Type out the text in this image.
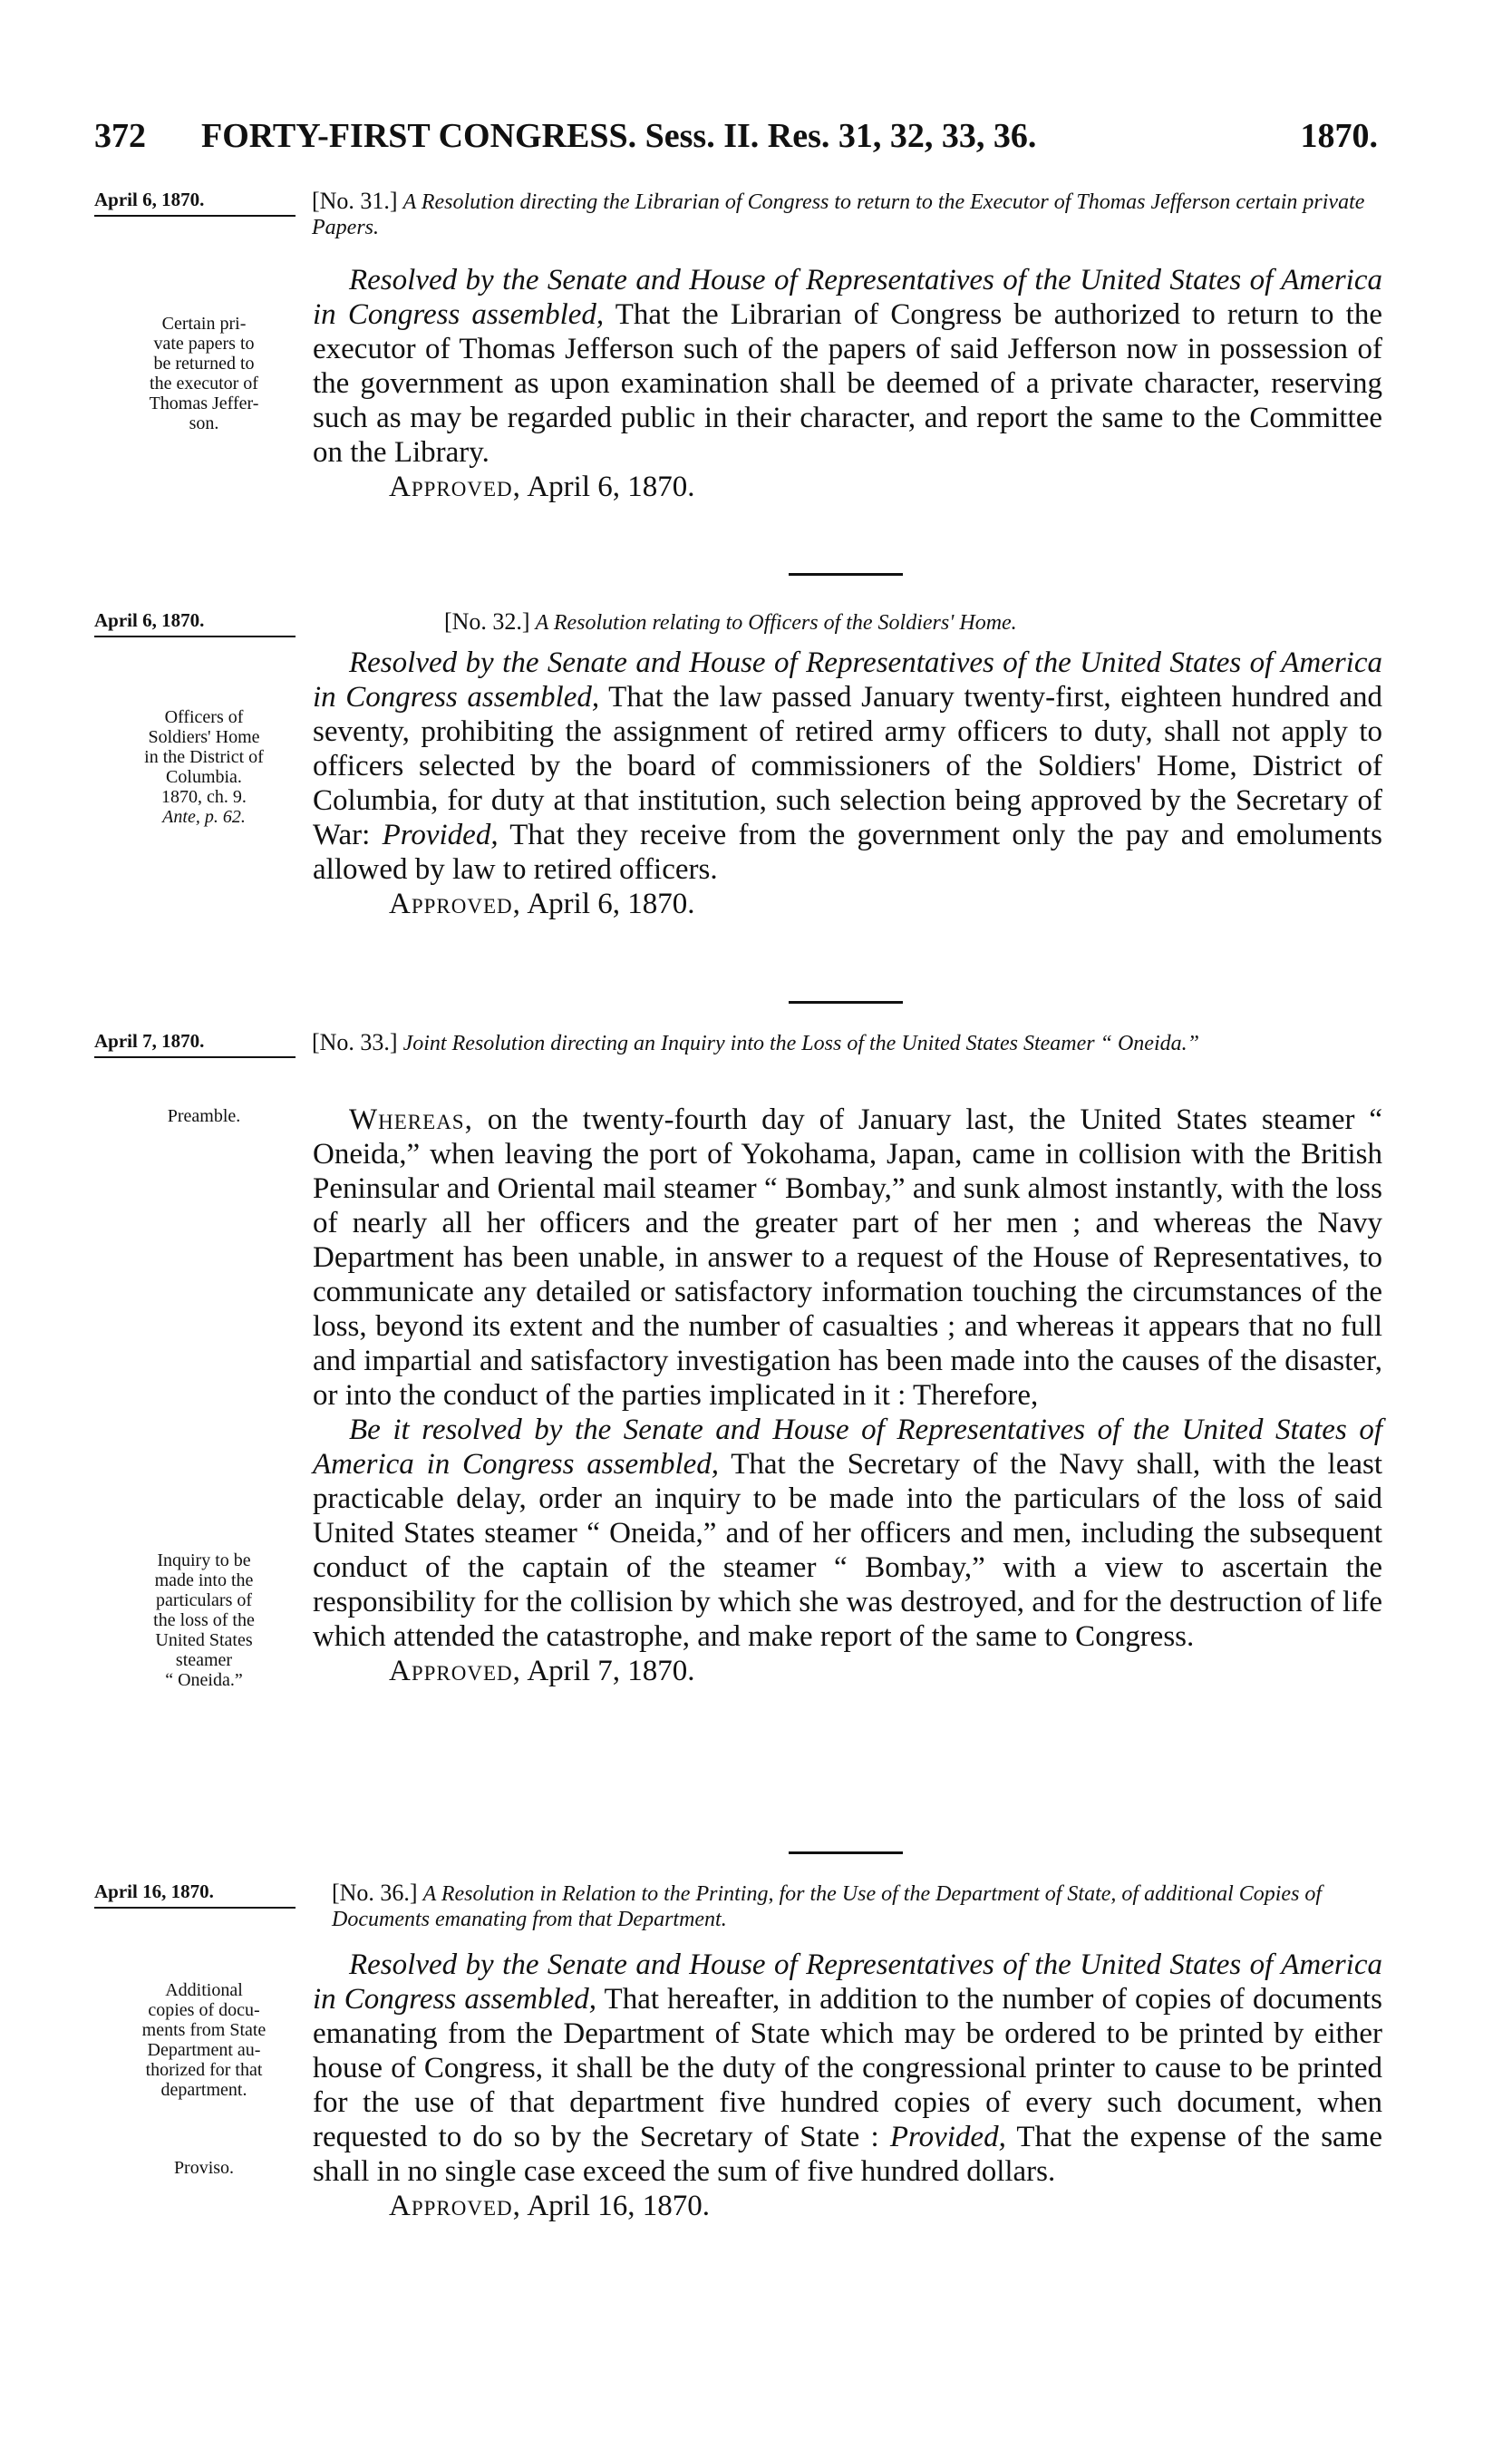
372 FORTY-FIRST CONGRESS. Sess. II. Res. 31, 32, 33, 36.	1870.
April 6, 1870.	[No. 31.] A Resolution directing the Librarian of Congress to return to the Executor of Thomas Jefferson certain private Papers.
Certain pri-
vate papers to
be returned to
the executor of
Thomas Jeffer-
son.

Resolved by the Senate and House of Representatives of the United States of America in Congress assembled, That the Librarian of Congress be authorized to return to the executor of Thomas Jefferson such of the papers of said Jefferson now in possession of the government as upon examination shall be deemed of a private character, reserving such as may be regarded public in their character, and report the same to the Committee on the Library.

Approved, April 6, 1870.

April 6, 1870.	[No. 32.] A Resolution relating to Officers of the Soldiers' Home.
Officers of
Soldiers' Home
in the District of
Columbia.
1870, ch. 9.
Ante, p. 62.

Resolved by the Senate and House of Representatives of the United States of America in Congress assembled, That the law passed January twenty-first, eighteen hundred and seventy, prohibiting the assignment of retired army officers to duty, shall not apply to officers selected by the board of commissioners of the Soldiers' Home, District of Columbia, for duty at that institution, such selection being approved by the Secretary of War: Provided, That they receive from the government only the pay and emoluments allowed by law to retired officers.

Approved, April 6, 1870.

April 7, 1870.	[No. 33.] Joint Resolution directing an Inquiry into the Loss of the United States Steamer “ Oneida.”
Preamble.
Inquiry to be
made into the
particulars of
the loss of the
United States
steamer
“ Oneida.”

Whereas, on the twenty-fourth day of January last, the United States steamer “ Oneida,” when leaving the port of Yokohama, Japan, came in collision with the British Peninsular and Oriental mail steamer “ Bombay,” and sunk almost instantly, with the loss of nearly all her officers and the greater part of her men ; and whereas the Navy Department has been unable, in answer to a request of the House of Representatives, to communicate any detailed or satisfactory information touching the circumstances of the loss, beyond its extent and the number of casualties ; and whereas it appears that no full and impartial and satisfactory investigation has been made into the causes of the disaster, or into the conduct of the parties implicated in it : Therefore,

Be it resolved by the Senate and House of Representatives of the United States of America in Congress assembled, That the Secretary of the Navy shall, with the least practicable delay, order an inquiry to be made into the particulars of the loss of said United States steamer “ Oneida,” and of her officers and men, including the subsequent conduct of the captain of the steamer “ Bombay,” with a view to ascertain the responsibility for the collision by which she was destroyed, and for the destruction of life which attended the catastrophe, and make report of the same to Congress.

Approved, April 7, 1870.

April 16, 1870.	[No. 36.] A Resolution in Relation to the Printing, for the Use of the Department of State, of additional Copies of Documents emanating from that Department.
Additional
copies of docu-
ments from State
Department au-
thorized for that
department.
Proviso.

Resolved by the Senate and House of Representatives of the United States of America in Congress assembled, That hereafter, in addition to the number of copies of documents emanating from the Department of State which may be ordered to be printed by either house of Congress, it shall be the duty of the congressional printer to cause to be printed for the use of that department five hundred copies of every such document, when requested to do so by the Secretary of State : Provided, That the expense of the same shall in no single case exceed the sum of five hundred dollars.

Approved, April 16, 1870.
